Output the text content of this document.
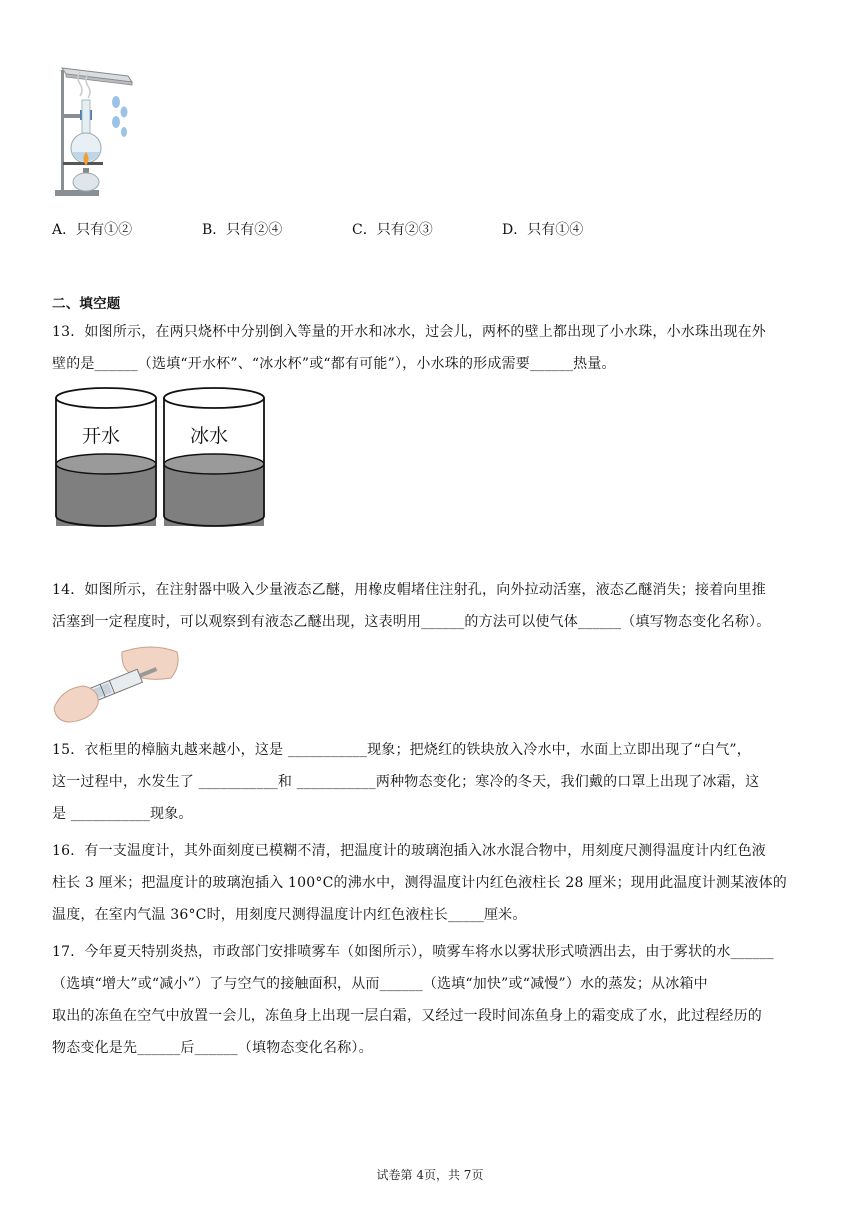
A．只有①②	B．只有②④	C．只有②③	D．只有①④
二、填空题
13．如图所示，在两只烧杯中分别倒入等量的开水和冰水，过会儿，两杯的壁上都出现了小水珠，小水珠出现在外
壁的是______（选填“开水杯”、“冰水杯”或“都有可能”），小水珠的形成需要______热量。
开水	冰水
14．如图所示，在注射器中吸入少量液态乙醚，用橡皮帽堵住注射孔，向外拉动活塞，液态乙醚消失；接着向里推
活塞到一定程度时，可以观察到有液态乙醚出现，这表明用______的方法可以使气体______（填写物态变化名称）。
15．衣柜里的樟脑丸越来越小，这是 ___________现象；把烧红的铁块放入冷水中，水面上立即出现了“白气”，
这一过程中，水发生了 ___________和 ___________两种物态变化；寒冷的冬天，我们戴的口罩上出现了冰霜，这
是 ___________现象。
16．有一支温度计，其外面刻度已模糊不清，把温度计的玻璃泡插入冰水混合物中，用刻度尺测得温度计内红色液
柱长 3 厘米；把温度计的玻璃泡插入 100°C的沸水中，测得温度计内红色液柱长 28 厘米；现用此温度计测某液体的
温度，在室内气温 36°C时，用刻度尺测得温度计内红色液柱长_____厘米。
17．今年夏天特别炎热，市政部门安排喷雾车（如图所示），喷雾车将水以雾状形式喷洒出去，由于雾状的水______
（选填“增大”或“减小”）了与空气的接触面积，从而______（选填“加快”或“减慢”）水的蒸发；从冰箱中
取出的冻鱼在空气中放置一会儿，冻鱼身上出现一层白霜，又经过一段时间冻鱼身上的霜变成了水，此过程经历的
物态变化是先______后______（填物态变化名称）。
试卷第 4页，共 7页
